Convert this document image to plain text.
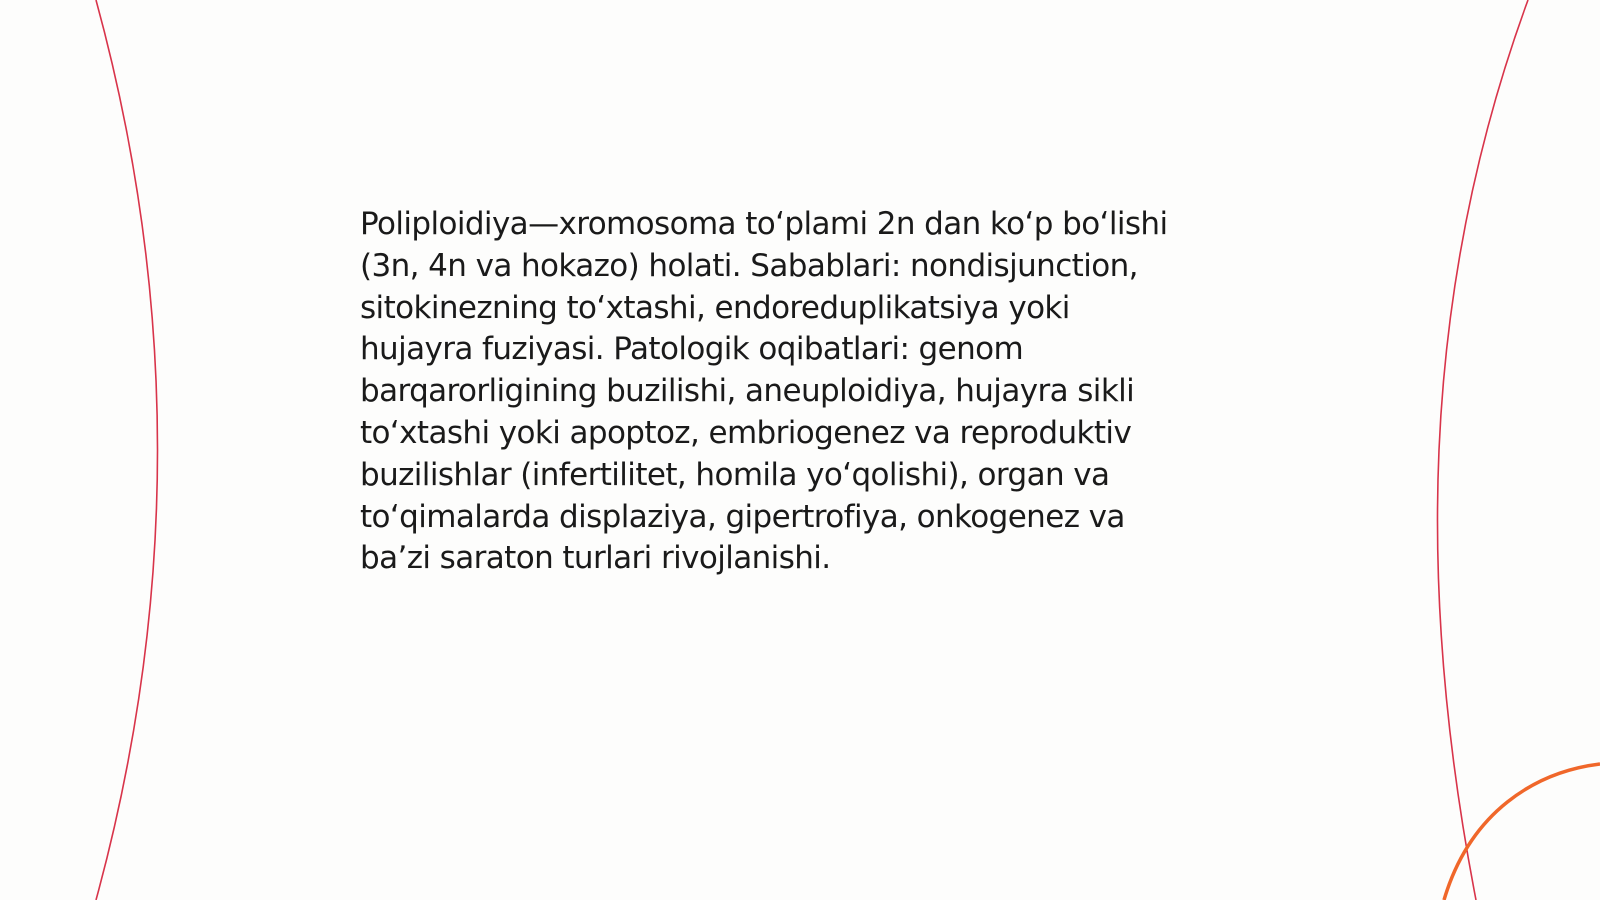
Poliploidiya—xromosoma to‘plami 2n dan ko‘p bo‘lishi
(3n, 4n va hokazo) holati. Sabablari: nondisjunction,
sitokinezning to‘xtashi, endoreduplikatsiya yoki
hujayra fuziyasi. Patologik oqibatlari: genom
barqarorligining buzilishi, aneuploidiya, hujayra sikli
to‘xtashi yoki apoptoz, embriogenez va reproduktiv
buzilishlar (infertilitet, homila yo‘qolishi), organ va
to‘qimalarda displaziya, gipertrofiya, onkogenez va
ba’zi saraton turlari rivojlanishi.
